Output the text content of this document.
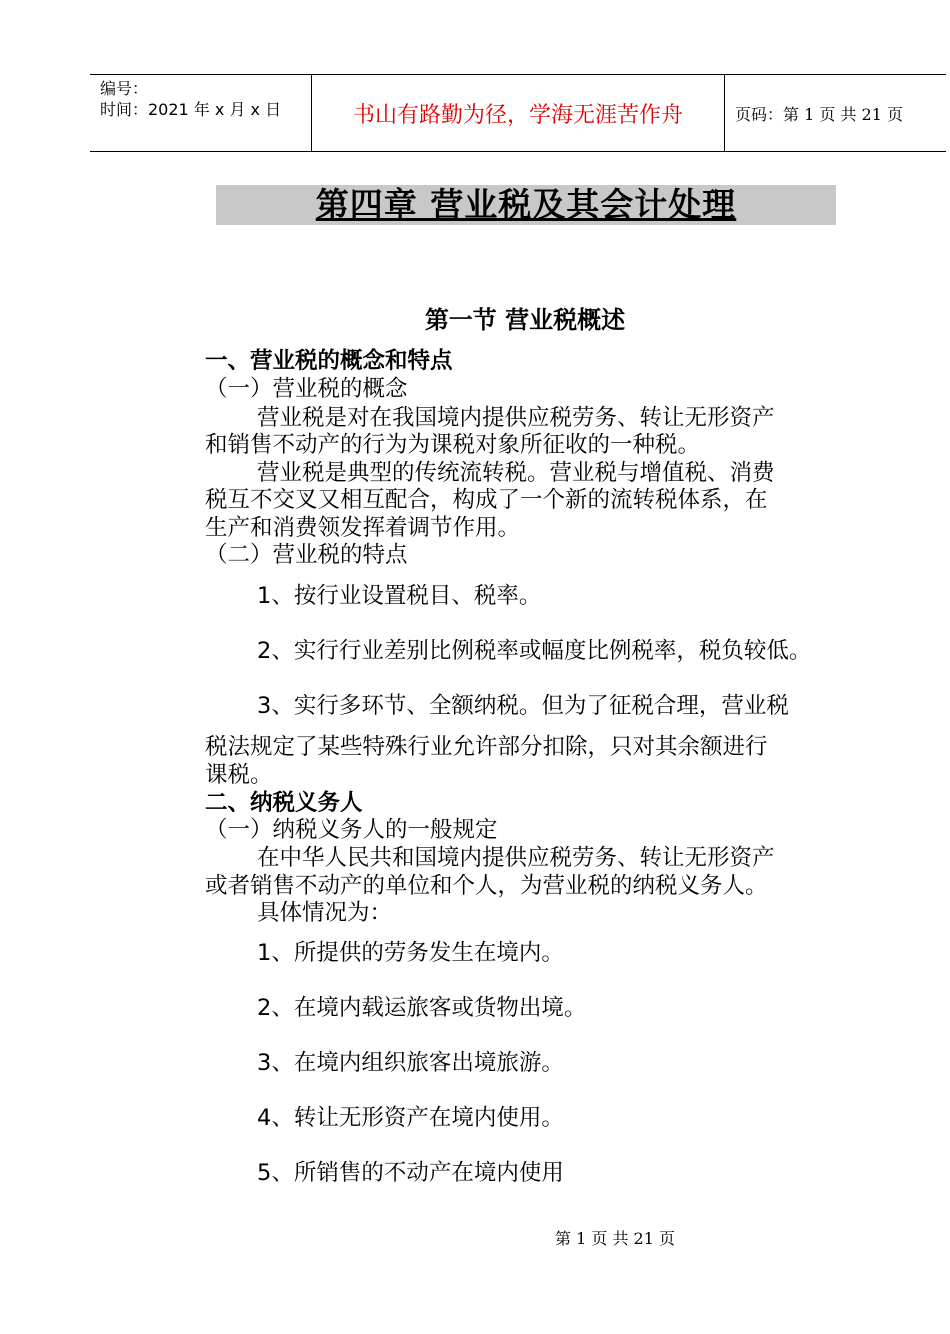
编号：
时间：2021 年 x 月 x 日	书山有路勤为径，学海无涯苦作舟	页码：第 1 页 共 21 页
第四章 营业税及其会计处理
第一节 营业税概述
一、营业税的概念和特点
（一）营业税的概念
营业税是对在我国境内提供应税劳务、转让无形资产
和销售不动产的行为为课税对象所征收的一种税。
营业税是典型的传统流转税。营业税与增值税、消费
税互不交叉又相互配合，构成了一个新的流转税体系，在
生产和消费领发挥着调节作用。
（二）营业税的特点
1、按行业设置税目、税率。
2、实行行业差别比例税率或幅度比例税率，税负较低。
3、实行多环节、全额纳税。但为了征税合理，营业税
税法规定了某些特殊行业允许部分扣除，只对其余额进行
课税。
二、纳税义务人
（一）纳税义务人的一般规定
在中华人民共和国境内提供应税劳务、转让无形资产
或者销售不动产的单位和个人，为营业税的纳税义务人。
具体情况为：
1、所提供的劳务发生在境内。
2、在境内载运旅客或货物出境。
3、在境内组织旅客出境旅游。
4、转让无形资产在境内使用。
5、所销售的不动产在境内使用
第 1 页 共 21 页
